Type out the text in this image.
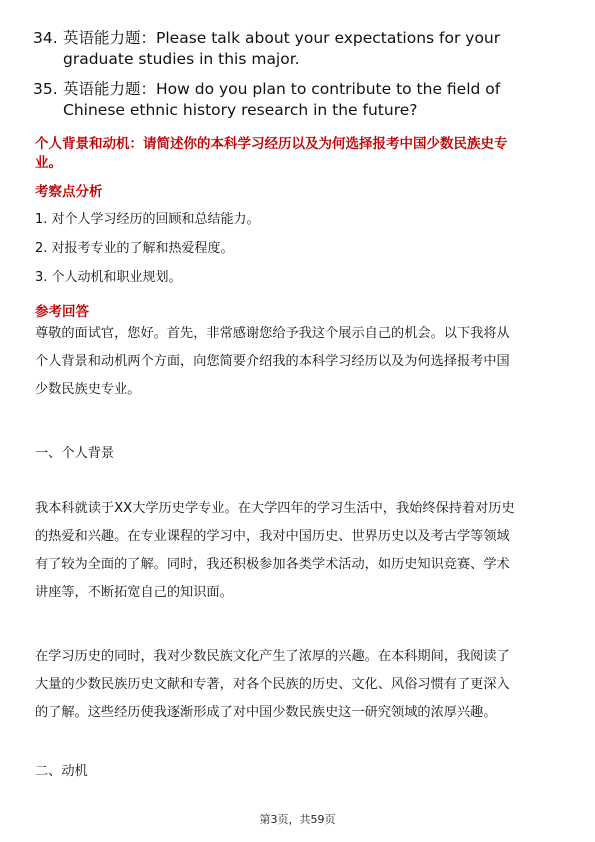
34. 英语能力题：Please talk about your expectations for your
graduate studies in this major.
35. 英语能力题：How do you plan to contribute to the field of
Chinese ethnic history research in the future?
个人背景和动机：请简述你的本科学习经历以及为何选择报考中国少数民族史专
业。
考察点分析
1. 对个人学习经历的回顾和总结能力。
2. 对报考专业的了解和热爱程度。
3. 个人动机和职业规划。
参考回答
尊敬的面试官，您好。首先，非常感谢您给予我这个展示自己的机会。以下我将从
个人背景和动机两个方面，向您简要介绍我的本科学习经历以及为何选择报考中国
少数民族史专业。
一、个人背景
我本科就读于XX大学历史学专业。在大学四年的学习生活中，我始终保持着对历史
的热爱和兴趣。在专业课程的学习中，我对中国历史、世界历史以及考古学等领域
有了较为全面的了解。同时，我还积极参加各类学术活动，如历史知识竞赛、学术
讲座等，不断拓宽自己的知识面。
在学习历史的同时，我对少数民族文化产生了浓厚的兴趣。在本科期间，我阅读了
大量的少数民族历史文献和专著，对各个民族的历史、文化、风俗习惯有了更深入
的了解。这些经历使我逐渐形成了对中国少数民族史这一研究领域的浓厚兴趣。
二、动机
第3页，共59页
